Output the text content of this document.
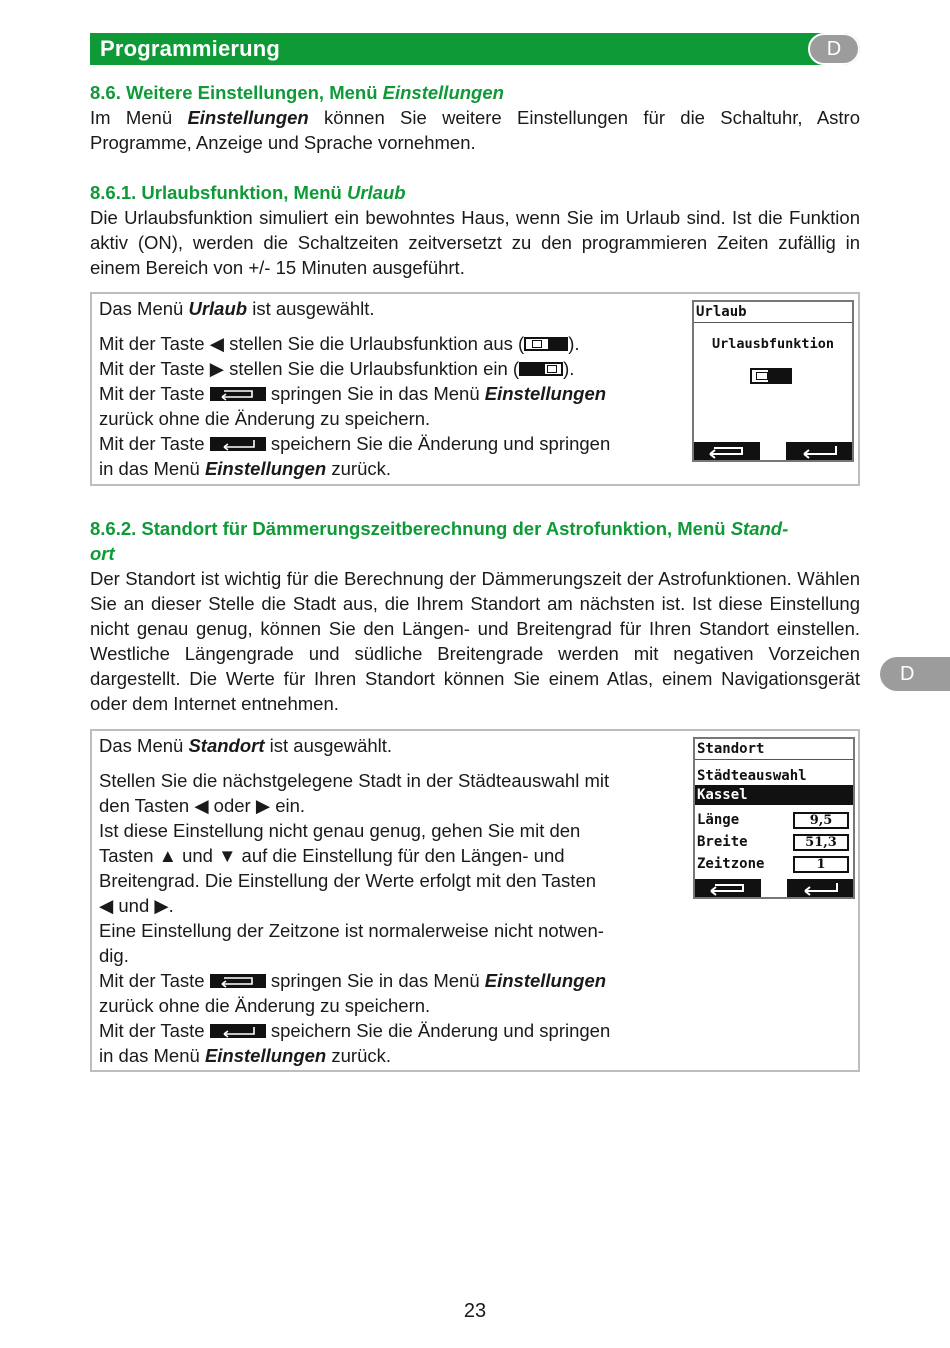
Programmierung	D
D

8.6. Weitere Einstellungen, Menü Einstellungen

Im Menü Einstellungen können Sie weitere Einstellungen für die Schaltuhr, Astro Programme, Anzeige und Sprache vornehmen.

8.6.1. Urlaubsfunktion, Menü Urlaub

Die Urlaubsfunktion simuliert ein bewohntes Haus, wenn Sie im Urlaub sind. Ist die Funktion aktiv (ON), werden die Schaltzeiten zeitversetzt zu den programmieren Zeiten zufällig in einem Bereich von +/- 15 Minuten ausgeführt.

Das Menü Urlaub ist ausgewählt.

Mit der Taste ◀ stellen Sie die Urlaubsfunktion aus ( ).

Mit der Taste ▶ stellen Sie die Urlaubsfunktion ein ( ).

Mit der Taste	springen Sie in das Menü Einstellungen

zurück ohne die Änderung zu speichern.

Mit der Taste	speichern Sie die Änderung und springen

in das Menü Einstellungen zurück.

Urlaub
Urlausbfunktion

8.6.2. Standort für Dämmerungszeitberechnung der Astrofunktion, Menü Stand-
ort

Der Standort ist wichtig für die Berechnung der Dämmerungszeit der Astrofunktionen. Wählen Sie an dieser Stelle die Stadt aus, die Ihrem Standort am nächsten ist. Ist diese Einstellung nicht genau genug, können Sie den Längen- und Breitengrad für Ihren Standort einstellen. Westliche Längengrade und südliche Breitengrade werden mit negativen Vorzeichen dargestellt. Die Werte für Ihren Standort können Sie einem Atlas, einem Navigationsgerät oder dem Internet entnehmen.

Das Menü Standort ist ausgewählt.

Stellen Sie die nächstgelegene Stadt in der Städteauswahl mit

den Tasten ◀ oder ▶ ein.

Ist diese Einstellung nicht genau genug, gehen Sie mit den

Tasten ▲ und ▼ auf die Einstellung für den Längen- und

Breitengrad. Die Einstellung der Werte erfolgt mit den Tasten

◀ und ▶.

Eine Einstellung der Zeitzone ist normalerweise nicht notwen-

dig.

Mit der Taste	springen Sie in das Menü Einstellungen

zurück ohne die Änderung zu speichern.

Mit der Taste	speichern Sie die Änderung und springen

in das Menü Einstellungen zurück.

Standort
Städteauswahl
Kassel
Länge	9,5
Breite	51,3
Zeitzone	1
23
